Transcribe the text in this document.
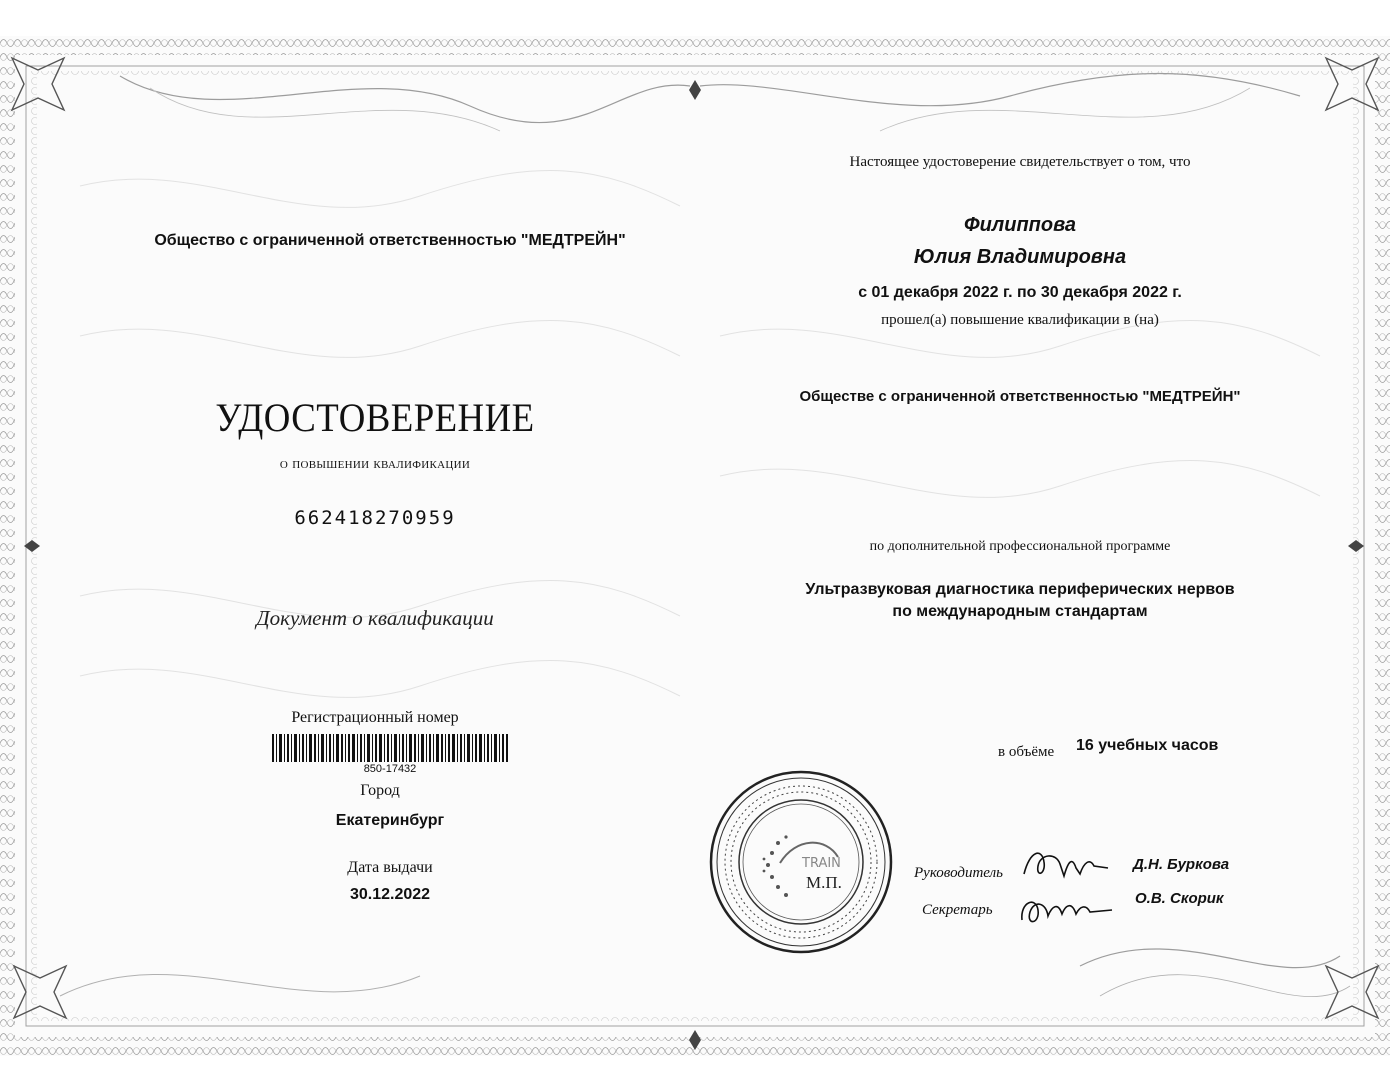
Общество с ограниченной ответственностью "МЕДТРЕЙН"
УДОСТОВЕРЕНИЕ
о повышении квалификации
662418270959
Документ о квалификации
Регистрационный номер
850-17432
Город
Екатеринбург
Дата выдачи
30.12.2022
Настоящее удостоверение свидетельствует о том, что
Филиппова
Юлия Владимировна
с 01 декабря 2022 г. по 30 декабря 2022 г.
прошел(а) повышение квалификации в (на)
Обществе с ограниченной ответственностью "МЕДТРЕЙН"
по дополнительной профессиональной программе
Ультразвуковая диагностика периферических нервов
по международным стандартам
в объёме 16 учебных часов
TRAIN
М.П.	Руководитель	Д.Н. Буркова
Секретарь
О.В. Скорик
